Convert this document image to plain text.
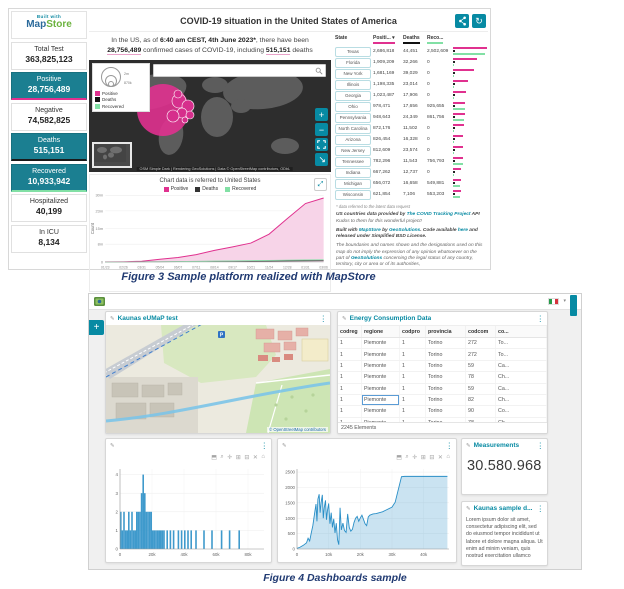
Built with
MapStore
Total Test
363,825,123
Positive
28,756,489
Negative
74,582,825
Deaths
515,151
Recovered
10,933,942
Hospitalized
40,199
In ICU
8,134
COVID-19 situation in the United States of America	↻
In the US, as of 6:40 am CEST, 4th June 2023*, there have been 28,756,489 confirmed cases of COVID-19, including 515,151 deaths
2m
870k
Positive
Deaths
Recovered
+
−
↗
OSM Simple Dark | Rendering GeoSolutions | Data © OpenStreetMap contributors, ODbL
Chart data is referred to United States	⤢
Positive	Deaths	Recovered
0
8m
15m
23m
30m
Count
01/23	02/26	03/31	05/04	06/07	07/11	08/14	09/17	10/21	11/24	12/28	01/31	03/06
State	Positi... ▾	Deaths	Reco...
Texas	2,686,818	44,451	2,502,609
Florida	1,909,209	32,266	0
New York	1,681,169	39,029	0
Illinois	1,198,335	23,014	0
Georgia	1,023,487	17,906	0
Ohio	978,471	17,656	925,655
Pennsylvania	948,643	24,349	861,756
North Carolina	872,176	11,502	0
Arizona	826,454	16,328	0
New Jersey	812,609	23,574	0
Tennessee	782,296	11,543	756,793
Indiana	667,262	12,737	0
Michigan	656,072	16,658	549,881
Wisconsin	621,854	7,106	553,203

* data referred to the latest data request

US countries data provided by The COVID Tracking Project API Kudos to them for this wonderful project!

Built with MapStore by GeoSolutions. Code available here and released under Simplified BSD License.

The boundaries and names shown and the designations used on this map do not imply the expression of any opinion whatsoever on the part of GeoSolutions concerning the legal status of any country, territory, city or area or of its authorities,

Figure 3 Sample platform realized with MapStore
▾
+
✎ Kaunas eUMaP test	⋮
P
© OpenStreetMap contributors
✎ Energy Consumption Data	⋮
codreg	regione	codpro	provincia	codcom	co...
1	Piemonte	1	Torino	272	To...
1	Piemonte	1	Torino	272	To...
1	Piemonte	1	Torino	59	Ca...
1	Piemonte	1	Torino	78	Ch...
1	Piemonte	1	Torino	59	Ca...
1	Piemonte	1	Torino	82	Ch...
1	Piemonte	1	Torino	90	Co...
2245 Elements
✎	⋮
⬒ ⌕ ✛ ⊞ ⊟ ✕ ⌂
0
1
2
3
4
0	20k	40k	60k	80k
✎	⋮
⬒ ⌕ ✛ ⊞ ⊟ ✕ ⌂
0
500
1000
1500
2000
2500
0	10k	20k	30k	40k
✎ Measurements ⋮
30.580.968
✎ Kaunas sample d... ⋮
Lorem ipsum dolor sit amet, consectetur adipiscing elit, sed do eiusmod tempor incididunt ut labore et dolore magna aliqua. Ut enim ad minim veniam, quis nostrud exercitation ullamco
Figure 4 Dashboards sample
